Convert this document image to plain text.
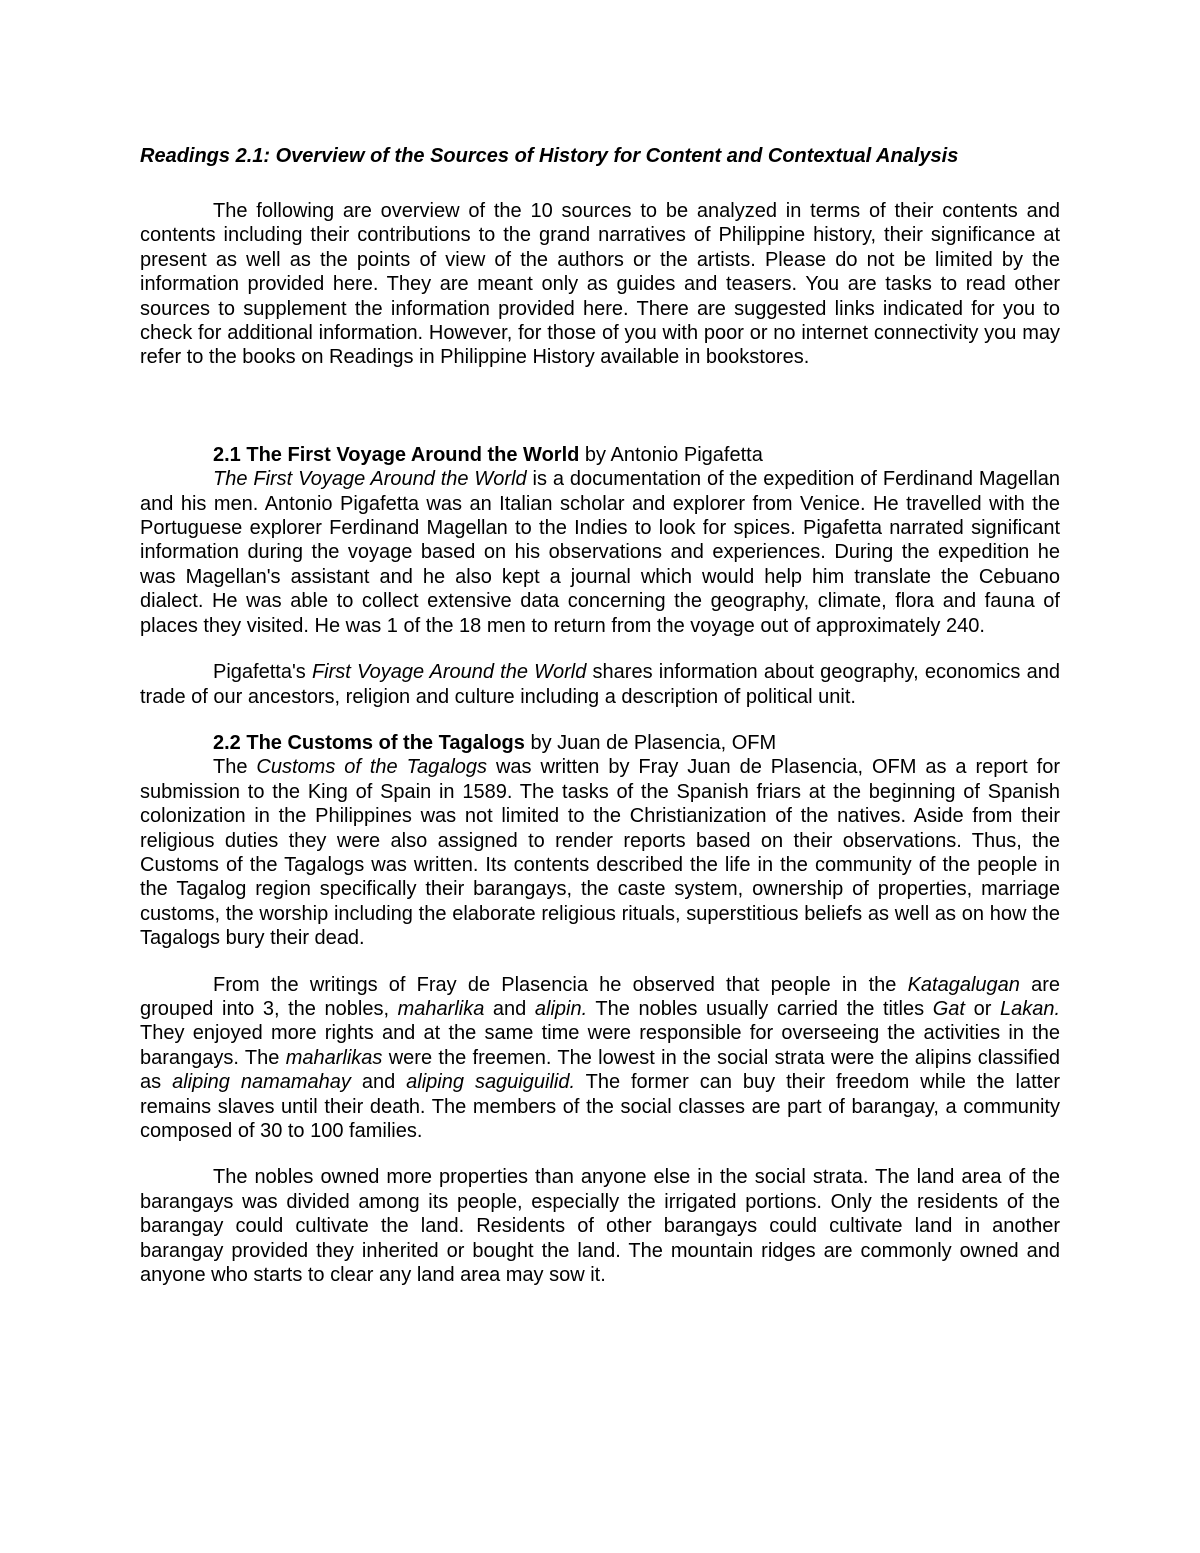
Readings 2.1: Overview of the Sources of History for Content and Contextual Analysis

The following are overview of the 10 sources to be analyzed in terms of their contents and contents including their contributions to the grand narratives of Philippine history, their significance at present as well as the points of view of the authors or the artists. Please do not be limited by the information provided here. They are meant only as guides and teasers. You are tasks to read other sources to supplement the information provided here. There are suggested links indicated for you to check for additional information. However, for those of you with poor or no internet connectivity you may refer to the books on Readings in Philippine History available in bookstores.

2.1 The First Voyage Around the World by Antonio Pigafetta

The First Voyage Around the World is a documentation of the expedition of Ferdinand Magellan and his men. Antonio Pigafetta was an Italian scholar and explorer from Venice. He travelled with the Portuguese explorer Ferdinand Magellan to the Indies to look for spices. Pigafetta narrated significant information during the voyage based on his observations and experiences. During the expedition he was Magellan's assistant and he also kept a journal which would help him translate the Cebuano dialect. He was able to collect extensive data concerning the geography, climate, flora and fauna of places they visited. He was 1 of the 18 men to return from the voyage out of approximately 240.

Pigafetta's First Voyage Around the World shares information about geography, economics and trade of our ancestors, religion and culture including a description of political unit.

2.2 The Customs of the Tagalogs by Juan de Plasencia, OFM

The Customs of the Tagalogs was written by Fray Juan de Plasencia, OFM as a report for submission to the King of Spain in 1589. The tasks of the Spanish friars at the beginning of Spanish colonization in the Philippines was not limited to the Christianization of the natives. Aside from their religious duties they were also assigned to render reports based on their observations. Thus, the Customs of the Tagalogs was written. Its contents described the life in the community of the people in the Tagalog region specifically their barangays, the caste system, ownership of properties, marriage customs, the worship including the elaborate religious rituals, superstitious beliefs as well as on how the Tagalogs bury their dead.

From the writings of Fray de Plasencia he observed that people in the Katagalugan are grouped into 3, the nobles, maharlika and alipin. The nobles usually carried the titles Gat or Lakan. They enjoyed more rights and at the same time were responsible for overseeing the activities in the barangays. The maharlikas were the freemen. The lowest in the social strata were the alipins classified as aliping namamahay and aliping saguiguilid. The former can buy their freedom while the latter remains slaves until their death. The members of the social classes are part of barangay, a community composed of 30 to 100 families.

The nobles owned more properties than anyone else in the social strata. The land area of the barangays was divided among its people, especially the irrigated portions. Only the residents of the barangay could cultivate the land. Residents of other barangays could cultivate land in another barangay provided they inherited or bought the land. The mountain ridges are commonly owned and anyone who starts to clear any land area may sow it.
